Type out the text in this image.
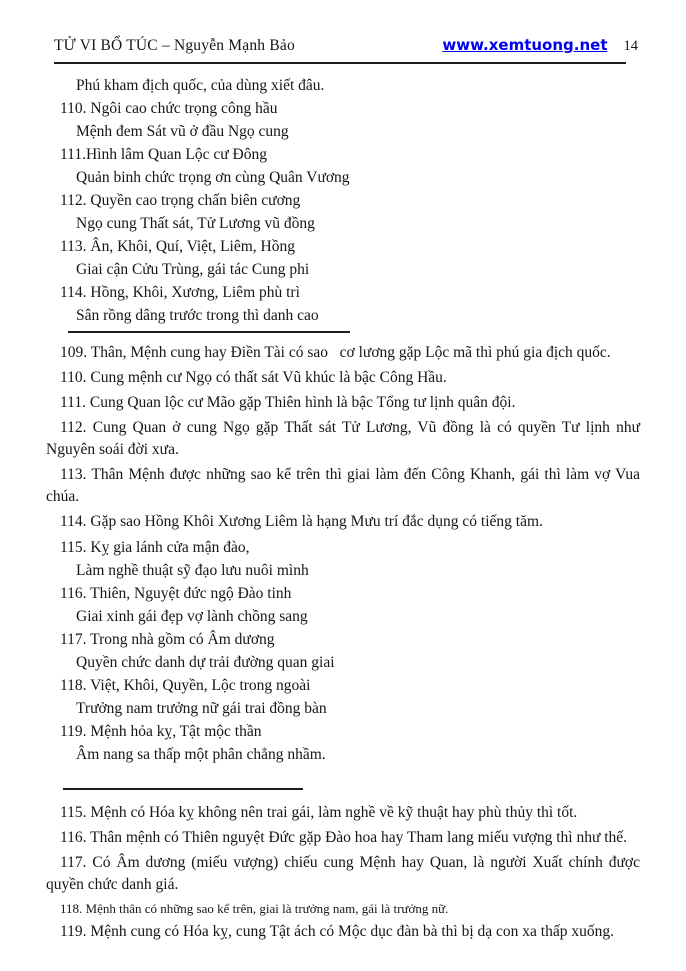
TỬ VI BỔ TÚC – Nguyễn Mạnh Bảo	www.xemtuong.net 14
Phú kham địch quốc, của dùng xiết đâu.
110. Ngôi cao chức trọng công hầu
Mệnh đem Sát vũ ở đầu Ngọ cung
111.Hình lâm Quan Lộc cư Đông
Quản binh chức trọng ơn cùng Quân Vương
112. Quyền cao trọng chấn biên cương
Ngọ cung Thất sát, Tử Lương vũ đồng
113. Ân, Khôi, Quí, Việt, Liêm, Hồng
Giai cận Cửu Trùng, gái tác Cung phi
114. Hồng, Khôi, Xương, Liêm phù trì
Sân rồng dâng trước trong thì danh cao
109. Thân, Mệnh cung hay Điền Tài có sao   cơ lương gặp Lộc mã thì phú gia địch quốc.
110. Cung mệnh cư Ngọ có thất sát Vũ khúc là bậc Công Hầu.
111. Cung Quan lộc cư Mão gặp Thiên hình là bậc Tổng tư lịnh quân đội.
112. Cung Quan ở cung Ngọ gặp Thất sát Tử Lương, Vũ đồng là có quyền Tư lịnh như Nguyên soái đời xưa.
113. Thân Mệnh được những sao kể trên thì giai làm đến Công Khanh, gái thì làm vợ Vua chúa.
114. Gặp sao Hồng Khôi Xương Liêm là hạng Mưu trí đắc dụng có tiếng tăm.
115. Kỵ gia lánh cửa mận đào,
Làm nghề thuật sỹ đạo lưu nuôi mình
116. Thiên, Nguyệt đức ngộ Đào tinh
Giai xinh gái đẹp vợ lành chồng sang
117. Trong nhà gồm có Âm dương
Quyền chức danh dự trải đường quan giai
118. Việt, Khôi, Quyền, Lộc trong ngoài
Trưởng nam trưởng nữ gái trai đồng bàn
119. Mệnh hỏa kỵ, Tật mộc thần
Âm nang sa thấp một phân chẳng nhầm.
115. Mệnh có Hóa kỵ không nên trai gái, làm nghề về kỹ thuật hay phù thủy thì tốt.
116. Thân mệnh có Thiên nguyệt Đức gặp Đào hoa hay Tham lang miếu vượng thì như thế.
117. Có Âm dương (miếu vượng) chiếu cung Mệnh hay Quan, là người Xuất chính được quyền chức danh giá.
118. Mệnh thân có những sao kể trên, giai là trưởng nam, gái là trưởng nữ.
119. Mệnh cung có Hóa kỵ, cung Tật ách có Mộc dục đàn bà thì bị dạ con xa thấp xuống.
